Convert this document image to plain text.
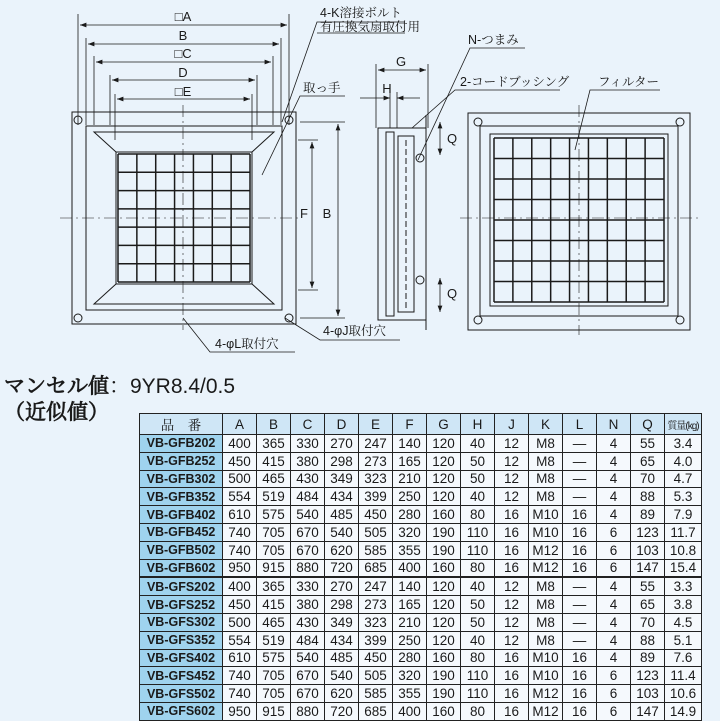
□A
B
□C
D
□E
F B
G
H
Q
Q
4-K溶接ボルト
有圧換気扇取付用
取っ手
N-つまみ
2-コードブッシング フィルター
4-φL取付穴
4-φJ取付穴
マンセル値：9YR8.4/0.5
（近似値）
品　番	A	B	C	D	E	F	G	H	J	K	L	N	Q	質量(kg)
VB-GFB202	400	365	330	270	247	140	120	40	12	M8	—	4	55	3.4
VB-GFB252	450	415	380	298	273	165	120	50	12	M8	—	4	65	4.0
VB-GFB302	500	465	430	349	323	210	120	50	12	M8	—	4	70	4.7
VB-GFB352	554	519	484	434	399	250	120	40	12	M8	—	4	88	5.3
VB-GFB402	610	575	540	485	450	280	160	80	16	M10	16	4	89	7.9
VB-GFB452	740	705	670	540	505	320	190	110	16	M10	16	6	123	11.7
VB-GFB502	740	705	670	620	585	355	190	110	16	M12	16	6	103	10.8
VB-GFB602	950	915	880	720	685	400	160	80	16	M12	16	6	147	15.4
VB-GFS202	400	365	330	270	247	140	120	40	12	M8	—	4	55	3.3
VB-GFS252	450	415	380	298	273	165	120	50	12	M8	—	4	65	3.8
VB-GFS302	500	465	430	349	323	210	120	50	12	M8	—	4	70	4.5
VB-GFS352	554	519	484	434	399	250	120	40	12	M8	—	4	88	5.1
VB-GFS402	610	575	540	485	450	280	160	80	16	M10	16	4	89	7.6
VB-GFS452	740	705	670	540	505	320	190	110	16	M10	16	6	123	11.4
VB-GFS502	740	705	670	620	585	355	190	110	16	M12	16	6	103	10.6
VB-GFS602	950	915	880	720	685	400	160	80	16	M12	16	6	147	14.9
